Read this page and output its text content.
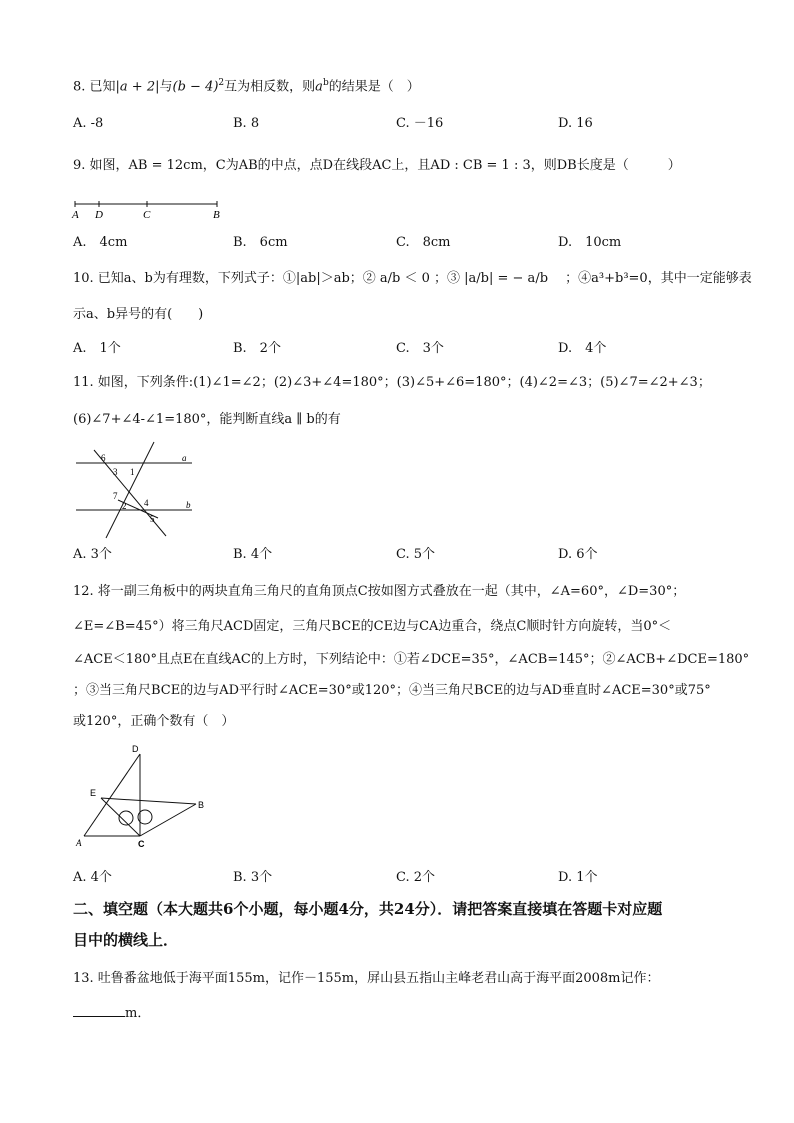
8. 已知|a + 2|与$(b - 4)^2$互为相反数，则$a^b$的结果是（　）
A. -8	B. 8	C. －16	D. 16
9. 如图，AB = 12cm，C为AB的中点，点D在线段AC上，且AD : CB = 1 : 3，则DB长度是（　　　）
A D	C	B
A.　4cm	B.　6cm	C.　8cm	D.　10cm
10. 已知a、b为有理数，下列式子：①|ab|＞ab；② a/b ＜ 0 ；③ |a/b| = − a/b 　；④a³+b³=0，其中一定能够表
示a、b异号的有(　　)
A.　1个	B.　2个	C.　3个	D.　4个
11. 如图，下列条件:(1)∠1=∠2；(2)∠3+∠4=180°；(3)∠5+∠6=180°；(4)∠2=∠3；(5)∠7=∠2+∠3；
(6)∠7+∠4-∠1=180°，能判断直线a ∥ b的有
6
3 1
a
7
4
2
5
b
A. 3个	B. 4个	C. 5个	D. 6个
12. 将一副三角板中的两块直角三角尺的直角顶点C按如图方式叠放在一起（其中，∠A=60°，∠D=30°；
∠E=∠B=45°）将三角尺ACD固定，三角尺BCE的CE边与CA边重合，绕点C顺时针方向旋转，当0°＜
∠ACE＜180°且点E在直线AC的上方时，下列结论中：①若∠DCE=35°，∠ACB=145°；②∠ACB+∠DCE=180°
；③当三角尺BCE的边与AD平行时∠ACE=30°或120°；④当三角尺BCE的边与AD垂直时∠ACE=30°或75°
或120°，正确个数有（　）
D
E
B
A	C
A. 4个	B. 3个	C. 2个	D. 1个
二、填空题（本大题共6个小题，每小题4分，共24分）．请把答案直接填在答题卡对应题
目中的横线上．
13. 吐鲁番盆地低于海平面155m，记作－155m，屏山县五指山主峰老君山高于海平面2008m记作：
m．
